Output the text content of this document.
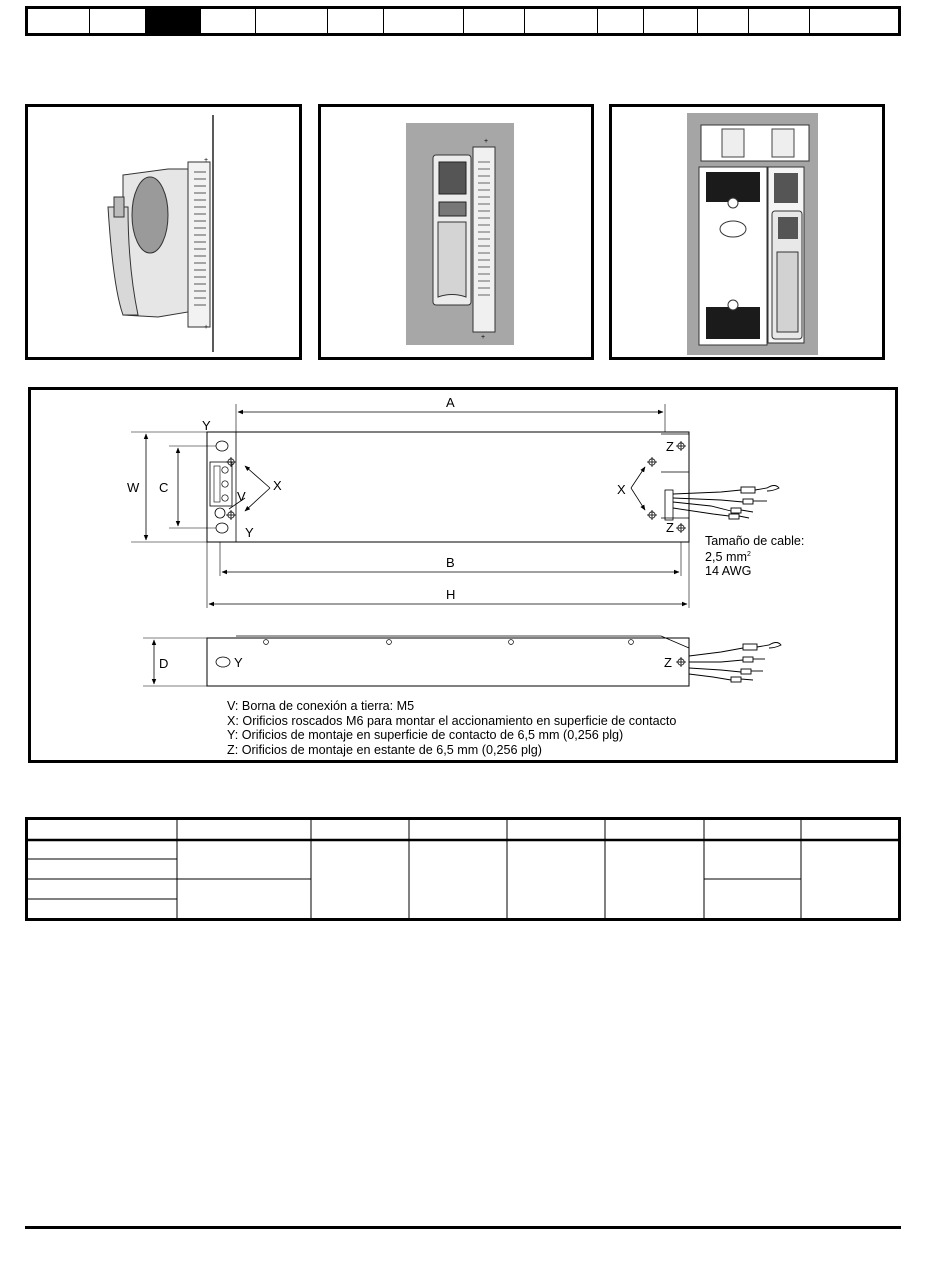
+
+
+
+
A
W C
B
H
D
Y
Y
V
X	X
Z
Z
Y	Z
Tamaño de cable:
2,5 $mm^2$
14 AWG
V: Borna de conexión a tierra: M5
X: Orificios roscados M6 para montar el accionamiento en superficie de contacto
Y: Orificios de montaje en superficie de contacto de 6,5 mm (0,256 plg)
Z: Orificios de montaje en estante de 6,5 mm (0,256 plg)
